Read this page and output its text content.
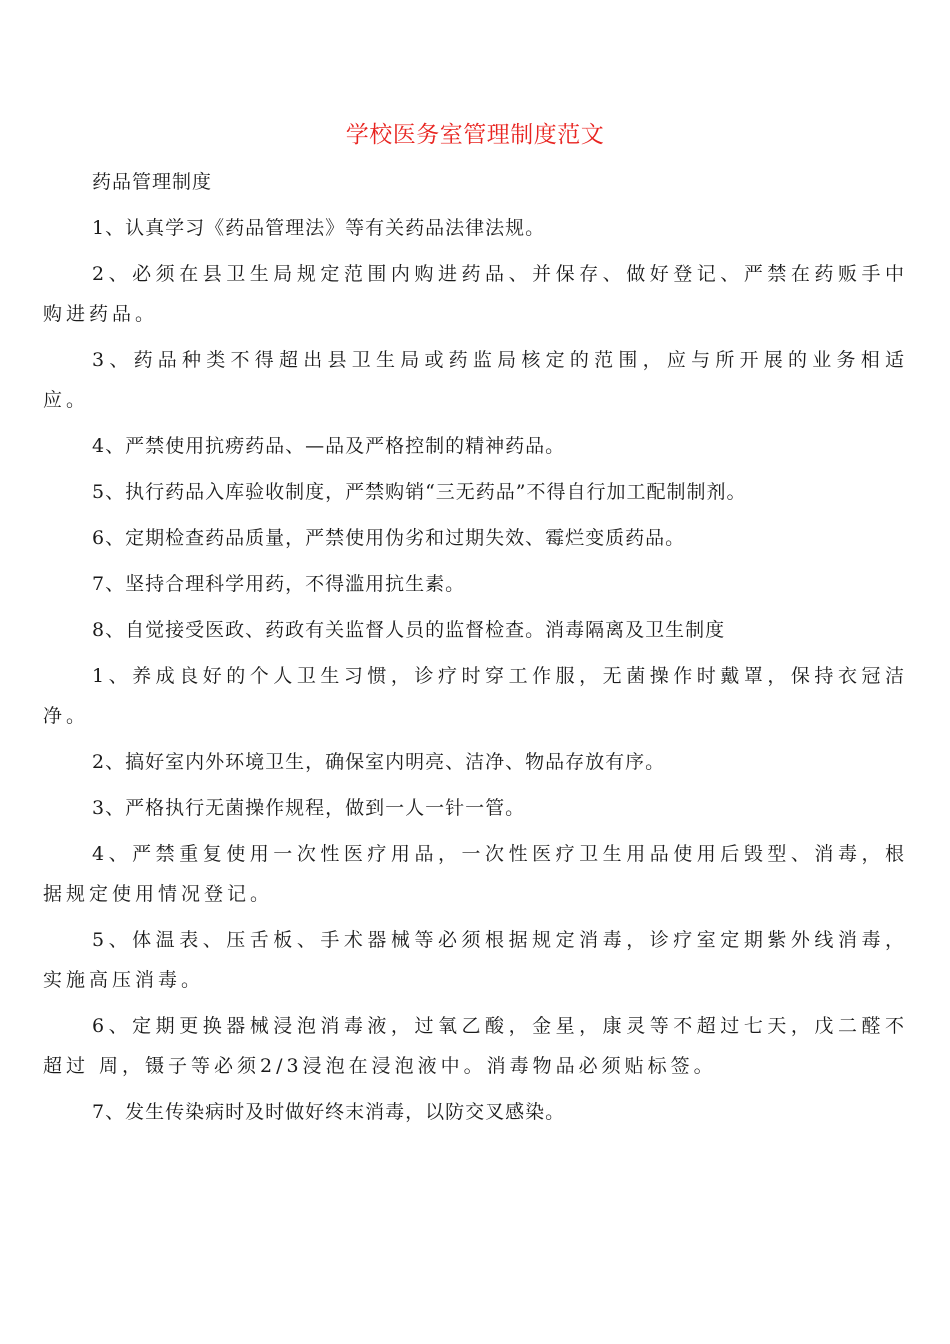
学校医务室管理制度范文

药品管理制度

1、认真学习《药品管理法》等有关药品法律法规。

2、必须在县卫生局规定范围内购进药品、并保存、做好登记、严禁在药贩手中购进药品。

3、药品种类不得超出县卫生局或药监局核定的范围，应与所开展的业务相适应。

4、严禁使用抗痨药品、—品及严格控制的精神药品。

5、执行药品入库验收制度，严禁购销“三无药品”不得自行加工配制制剂。

6、定期检查药品质量，严禁使用伪劣和过期失效、霉烂变质药品。

7、坚持合理科学用药，不得滥用抗生素。

8、自觉接受医政、药政有关监督人员的监督检查。消毒隔离及卫生制度

1、养成良好的个人卫生习惯，诊疗时穿工作服，无菌操作时戴罩，保持衣冠洁净。

2、搞好室内外环境卫生，确保室内明亮、洁净、物品存放有序。

3、严格执行无菌操作规程，做到一人一针一管。

4、严禁重复使用一次性医疗用品，一次性医疗卫生用品使用后毁型、消毒，根据规定使用情况登记。

5、体温表、压舌板、手术器械等必须根据规定消毒，诊疗室定期紫外线消毒，实施高压消毒。

6、定期更换器械浸泡消毒液，过氧乙酸，金星，康灵等不超过七天，戊二醛不超过 周，镊子等必须2/3浸泡在浸泡液中。消毒物品必须贴标签。

7、发生传染病时及时做好终末消毒，以防交叉感染。
